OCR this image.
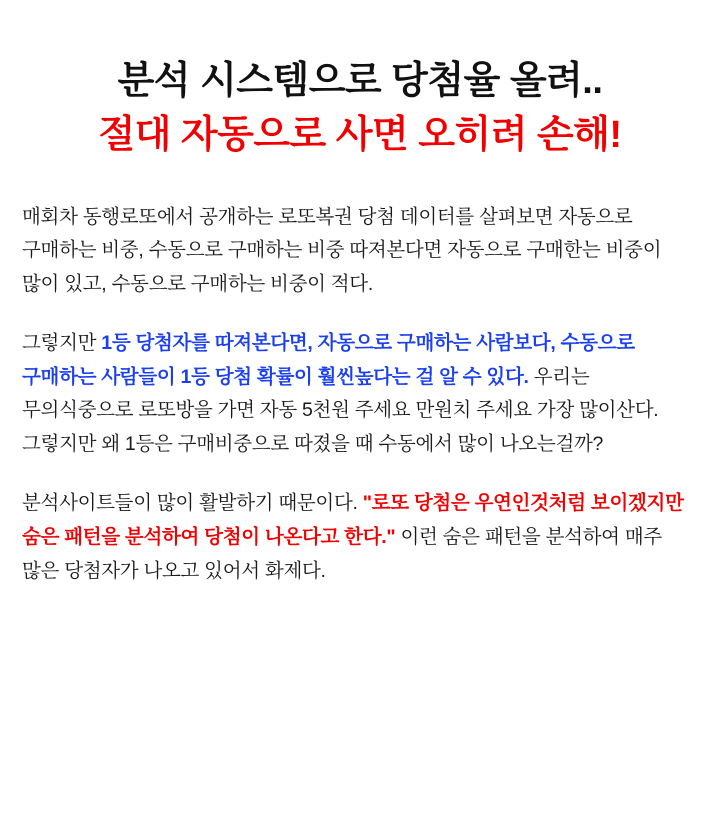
분석 시스템으로 당첨율 올려..
절대 자동으로 사면 오히려 손해!

매회차 동행로또에서 공개하는 로또복권 당첨 데이터를 살펴보면 자동으로 구매하는 비중, 수동으로 구매하는 비중 따져본다면 자동으로 구매한는 비중이 많이 있고, 수동으로 구매하는 비중이 적다.

그렇지만 1등 당첨자를 따져본다면, 자동으로 구매하는 사람보다, 수동으로 구매하는 사람들이 1등 당첨 확률이 훨씬높다는 걸 알 수 있다. 우리는 무의식중으로 로또방을 가면 자동 5천원 주세요 만원치 주세요 가장 많이산다. 그렇지만 왜 1등은 구매비중으로 따졌을 때 수동에서 많이 나오는걸까?

분석사이트들이 많이 활발하기 때문이다. "로또 당첨은 우연인것처럼 보이겠지만 숨은 패턴을 분석하여 당첨이 나온다고 한다." 이런 숨은 패턴을 분석하여 매주 많은 당첨자가 나오고 있어서 화제다.
